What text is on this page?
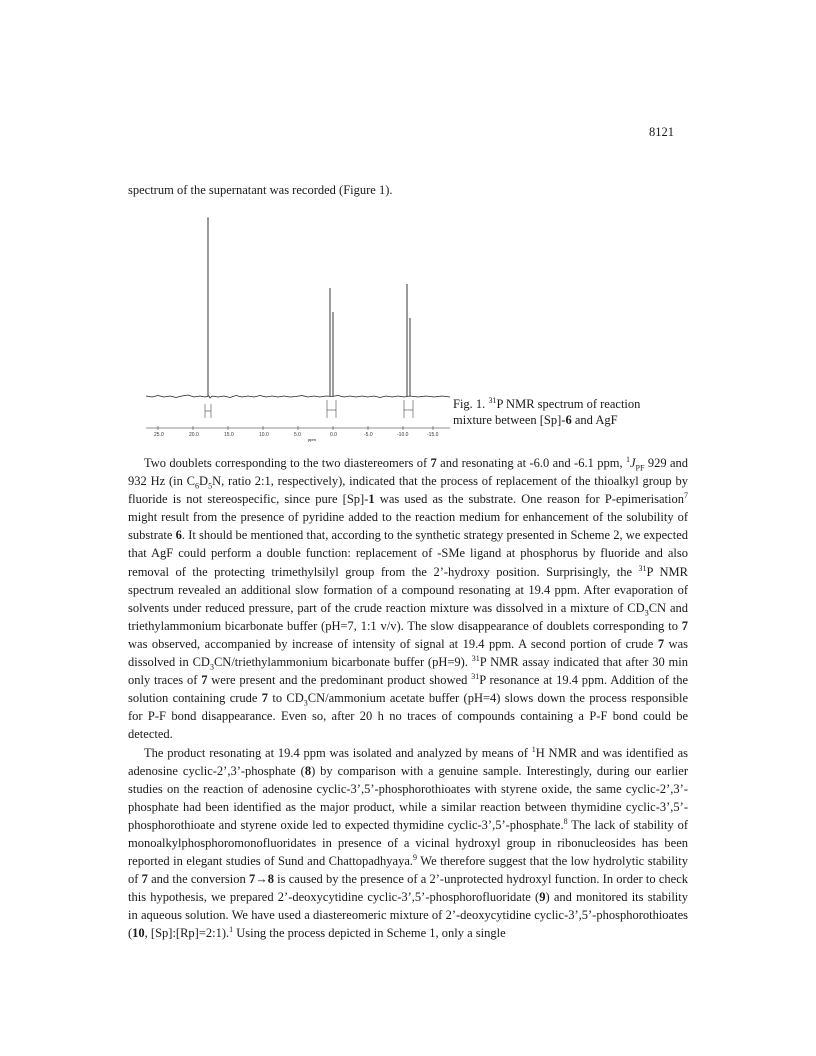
8121
spectrum of the supernatant was recorded (Figure 1).
25.0	20.0	15.0	10.0	5.0	0.0	-5.0	-10.0	-15.0
ppm
Fig. 1. $^{31}$P NMR spectrum of reaction
mixture between [Sp]-6 and AgF

Two doublets corresponding to the two diastereomers of 7 and resonating at -6.0 and -6.1 ppm, $^1J_{PF}$ 929 and 932 Hz (in $C_6D_5N$, ratio 2:1, respectively), indicated that the process of replacement of the thioalkyl group by fluoride is not stereospecific, since pure [Sp]-1 was used as the substrate. One reason for P-epimerisation$^7$ might result from the presence of pyridine added to the reaction medium for enhancement of the solubility of substrate 6. It should be mentioned that, according to the synthetic strategy presented in Scheme 2, we expected that AgF could perform a double function: replacement of -SMe ligand at phosphorus by fluoride and also removal of the protecting trimethylsilyl group from the 2’-hydroxy position. Surprisingly, the $^{31}$P NMR spectrum revealed an additional slow formation of a compound resonating at 19.4 ppm. After evaporation of solvents under reduced pressure, part of the crude reaction mixture was dissolved in a mixture of $CD_3CN$ and triethylammonium bicarbonate buffer (pH=7, 1:1 v/v). The slow disappearance of doublets corresponding to 7 was observed, accompanied by increase of intensity of signal at 19.4 ppm. A second portion of crude 7 was dissolved in $CD_3CN$/triethylammonium bicarbonate buffer (pH=9). $^{31}$P NMR assay indicated that after 30 min only traces of 7 were present and the predominant product showed $^{31}$P resonance at 19.4 ppm. Addition of the solution containing crude 7 to $CD_3CN$/ammonium acetate buffer (pH=4) slows down the process responsible for P-F bond disappearance. Even so, after 20 h no traces of compounds containing a P-F bond could be detected.

The product resonating at 19.4 ppm was isolated and analyzed by means of $^1$H NMR and was identified as adenosine cyclic-2’,3’-phosphate (8) by comparison with a genuine sample. Interestingly, during our earlier studies on the reaction of adenosine cyclic-3’,5’-phosphorothioates with styrene oxide, the same cyclic-2’,3’-phosphate had been identified as the major product, while a similar reaction between thymidine cyclic-3’,5’-phosphorothioate and styrene oxide led to expected thymidine cyclic-3’,5’-phosphate.$^8$ The lack of stability of monoalkylphosphoromonofluoridates in presence of a vicinal hydroxyl group in ribonucleosides has been reported in elegant studies of Sund and Chattopadhyaya.$^9$ We therefore suggest that the low hydrolytic stability of 7 and the conversion 7→8 is caused by the presence of a 2’-unprotected hydroxyl function. In order to check this hypothesis, we prepared 2’-deoxycytidine cyclic-3’,5’-phosphorofluoridate (9) and monitored its stability in aqueous solution. We have used a diastereomeric mixture of 2’-deoxycytidine cyclic-3’,5’-phosphorothioates (10, [Sp]:[Rp]=2:1).$^1$ Using the process depicted in Scheme 1, only a single
